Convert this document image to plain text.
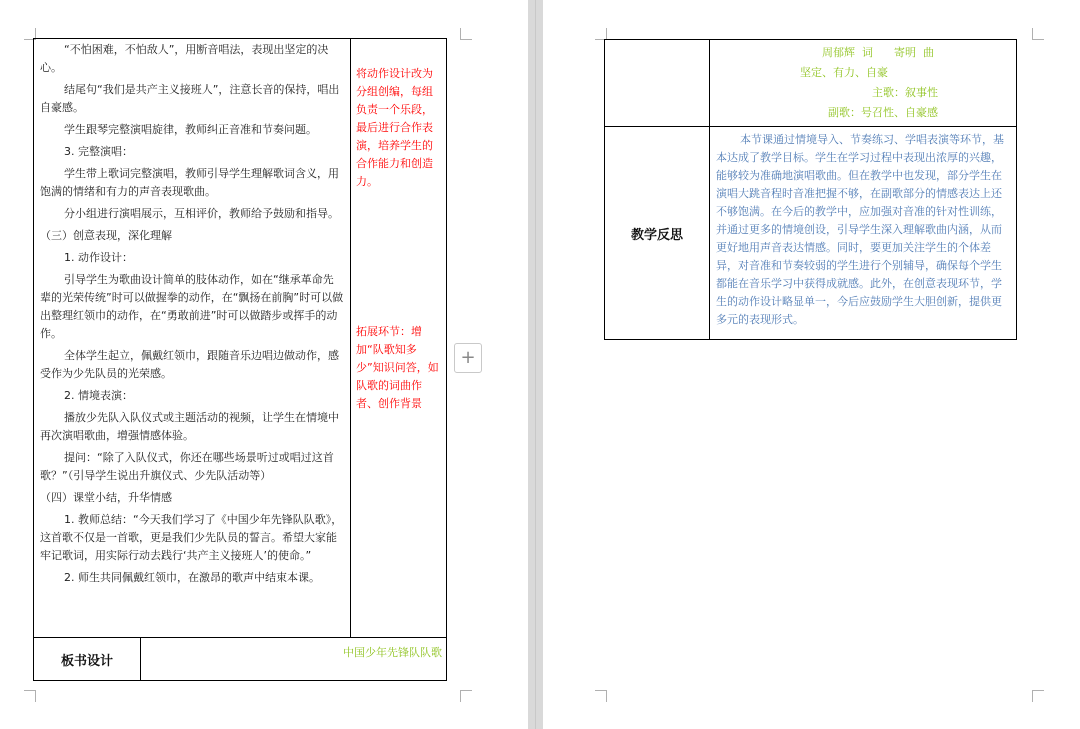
“不怕困难，不怕敌人”，用断音唱法，表现出坚定的决心。
结尾句“我们是共产主义接班人”，注意长音的保持，唱出自豪感。
学生跟琴完整演唱旋律，教师纠正音准和节奏问题。
3. 完整演唱：
学生带上歌词完整演唱，教师引导学生理解歌词含义，用饱满的情绪和有力的声音表现歌曲。
分小组进行演唱展示，互相评价，教师给予鼓励和指导。
（三）创意表现，深化理解
1. 动作设计：
引导学生为歌曲设计简单的肢体动作，如在“继承革命先辈的光荣传统”时可以做握拳的动作，在“飘扬在前胸”时可以做出整理红领巾的动作，在“勇敢前进”时可以做踏步或挥手的动作。
全体学生起立，佩戴红领巾，跟随音乐边唱边做动作，感受作为少先队员的光荣感。
2. 情境表演：
播放少先队入队仪式或主题活动的视频，让学生在情境中再次演唱歌曲，增强情感体验。
提问：“除了入队仪式，你还在哪些场景听过或唱过这首歌？”（引导学生说出升旗仪式、少先队活动等）
（四）课堂小结，升华情感
1. 教师总结：“今天我们学习了《中国少年先锋队队歌》，这首歌不仅是一首歌，更是我们少先队员的誓言。希望大家能牢记歌词，用实际行动去践行‘共产主义接班人’的使命。”
2. 师生共同佩戴红领巾，在激昂的歌声中结束本课。
将动作设计改为分组创编，每组负责一个乐段，最后进行合作表演，培养学生的合作能力和创造力。
拓展环节：增加“队歌知多少”知识问答，如队歌的词曲作者、创作背景
板书设计
中国少年先锋队队歌
+
周郁辉  词      寄明  曲
坚定、有力、自豪
主歌：叙事性
副歌：号召性、自豪感
教学反思
本节课通过情境导入、节奏练习、学唱表演等环节，基本达成了教学目标。学生在学习过程中表现出浓厚的兴趣，能够较为准确地演唱歌曲。但在教学中也发现，部分学生在演唱大跳音程时音准把握不够，在副歌部分的情感表达上还不够饱满。在今后的教学中，应加强对音准的针对性训练，并通过更多的情境创设，引导学生深入理解歌曲内涵，从而更好地用声音表达情感。同时，要更加关注学生的个体差异，对音准和节奏较弱的学生进行个别辅导，确保每个学生都能在音乐学习中获得成就感。此外，在创意表现环节，学生的动作设计略显单一，今后应鼓励学生大胆创新，提供更多元的表现形式。
